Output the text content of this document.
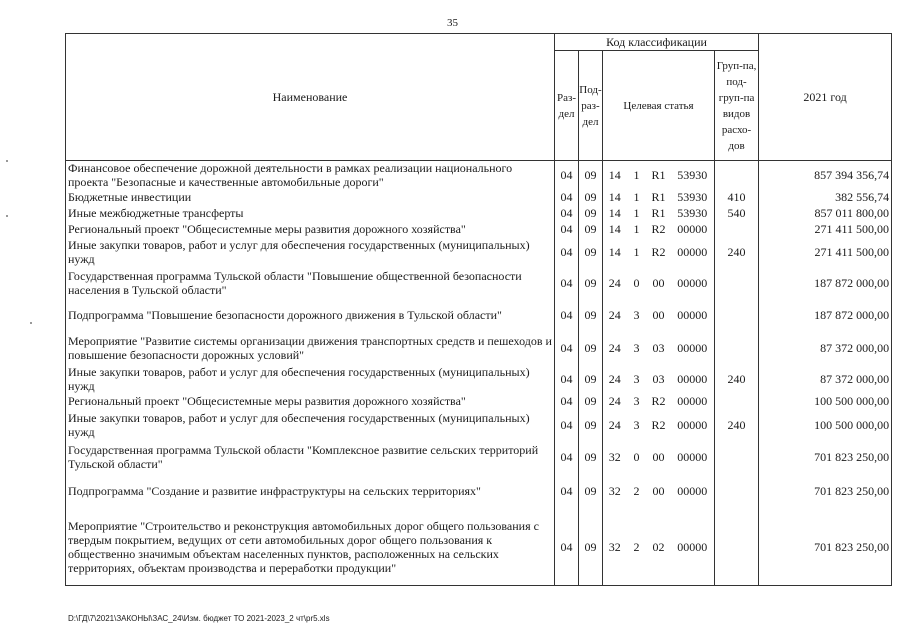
35
Наименование	Код классификации							2021 год

	Раз-дел	Под-раз-дел	Целевая статья				Груп-па, под-груп-па видов расхо-дов	

Финансовое обеспечение дорожной деятельности в рамках реализации национального проекта "Безопасные и качественные автомобильные дороги"	04	09	14	1	R1	53930		857 394 356,74
Бюджетные инвестиции	04	09	14	1	R1	53930	410	382 556,74
Иные межбюджетные трансферты	04	09	14	1	R1	53930	540	857 011 800,00
Региональный проект "Общесистемные меры развития дорожного хозяйства"	04	09	14	1	R2	00000		271 411 500,00
Иные закупки товаров, работ и услуг для обеспечения государственных (муниципальных) нужд	04	09	14	1	R2	00000	240	271 411 500,00
Государственная программа Тульской области "Повышение общественной безопасности населения в Тульской области"	04	09	24	0	00	00000		187 872 000,00
Подпрограмма "Повышение безопасности дорожного движения в Тульской области"	04	09	24	3	00	00000		187 872 000,00
Мероприятие "Развитие системы организации движения транспортных средств и пешеходов и повышение безопасности дорожных условий"	04	09	24	3	03	00000		87 372 000,00
Иные закупки товаров, работ и услуг для обеспечения государственных (муниципальных) нужд	04	09	24	3	03	00000	240	87 372 000,00
Региональный проект "Общесистемные меры развития дорожного хозяйства"	04	09	24	3	R2	00000		100 500 000,00
Иные закупки товаров, работ и услуг для обеспечения государственных (муниципальных) нужд	04	09	24	3	R2	00000	240	100 500 000,00
Государственная программа Тульской области "Комплексное развитие сельских территорий Тульской области"	04	09	32	0	00	00000		701 823 250,00
Подпрограмма "Создание и развитие инфраструктуры на сельских территориях"	04	09	32	2	00	00000		701 823 250,00
Мероприятие "Строительство и реконструкция автомобильных дорог общего пользования с твердым покрытием, ведущих от сети автомобильных дорог общего пользования к общественно значимым объектам населенных пунктов, расположенных на сельских территориях, объектам производства и переработки продукции"	04	09	32	2	02	00000		701 823 250,00
D:\ГД\7\2021\ЗАКОНЫ\ЗАС_24\Изм. бюджет ТО 2021-2023_2 чт\pr5.xls
